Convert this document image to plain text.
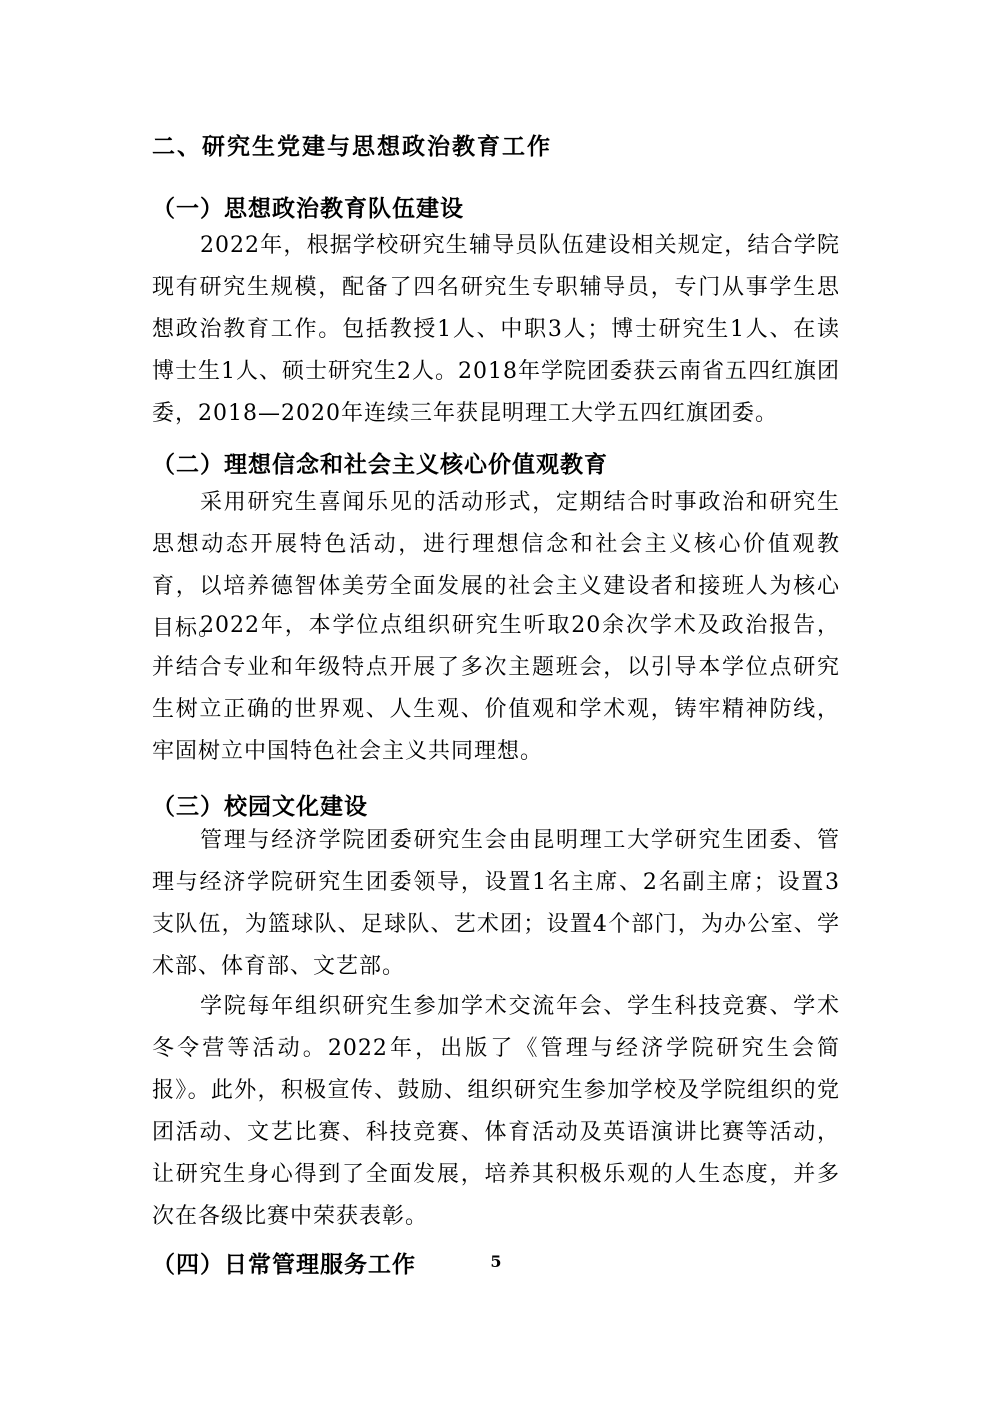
二、研究生党建与思想政治教育工作
（一）思想政治教育队伍建设
2022年，根据学校研究生辅导员队伍建设相关规定，结合学院现有研究生规模，配备了四名研究生专职辅导员，专门从事学生思想政治教育工作。包括教授1人、中职3人；博士研究生1人、在读博士生1人、硕士研究生2人。2018年学院团委获云南省五四红旗团委，2018—2020年连续三年获昆明理工大学五四红旗团委。
（二）理想信念和社会主义核心价值观教育
采用研究生喜闻乐见的活动形式，定期结合时事政治和研究生思想动态开展特色活动，进行理想信念和社会主义核心价值观教育，以培养德智体美劳全面发展的社会主义建设者和接班人为核心目标。
2022年，本学位点组织研究生听取20余次学术及政治报告，并结合专业和年级特点开展了多次主题班会，以引导本学位点研究生树立正确的世界观、人生观、价值观和学术观，铸牢精神防线，牢固树立中国特色社会主义共同理想。
（三）校园文化建设
管理与经济学院团委研究生会由昆明理工大学研究生团委、管理与经济学院研究生团委领导，设置1名主席、2名副主席；设置3支队伍，为篮球队、足球队、艺术团；设置4个部门，为办公室、学术部、体育部、文艺部。
学院每年组织研究生参加学术交流年会、学生科技竞赛、学术冬令营等活动。2022年，出版了《管理与经济学院研究生会简报》。此外，积极宣传、鼓励、组织研究生参加学校及学院组织的党团活动、文艺比赛、科技竞赛、体育活动及英语演讲比赛等活动，让研究生身心得到了全面发展，培养其积极乐观的人生态度，并多次在各级比赛中荣获表彰。
（四）日常管理服务工作	5
